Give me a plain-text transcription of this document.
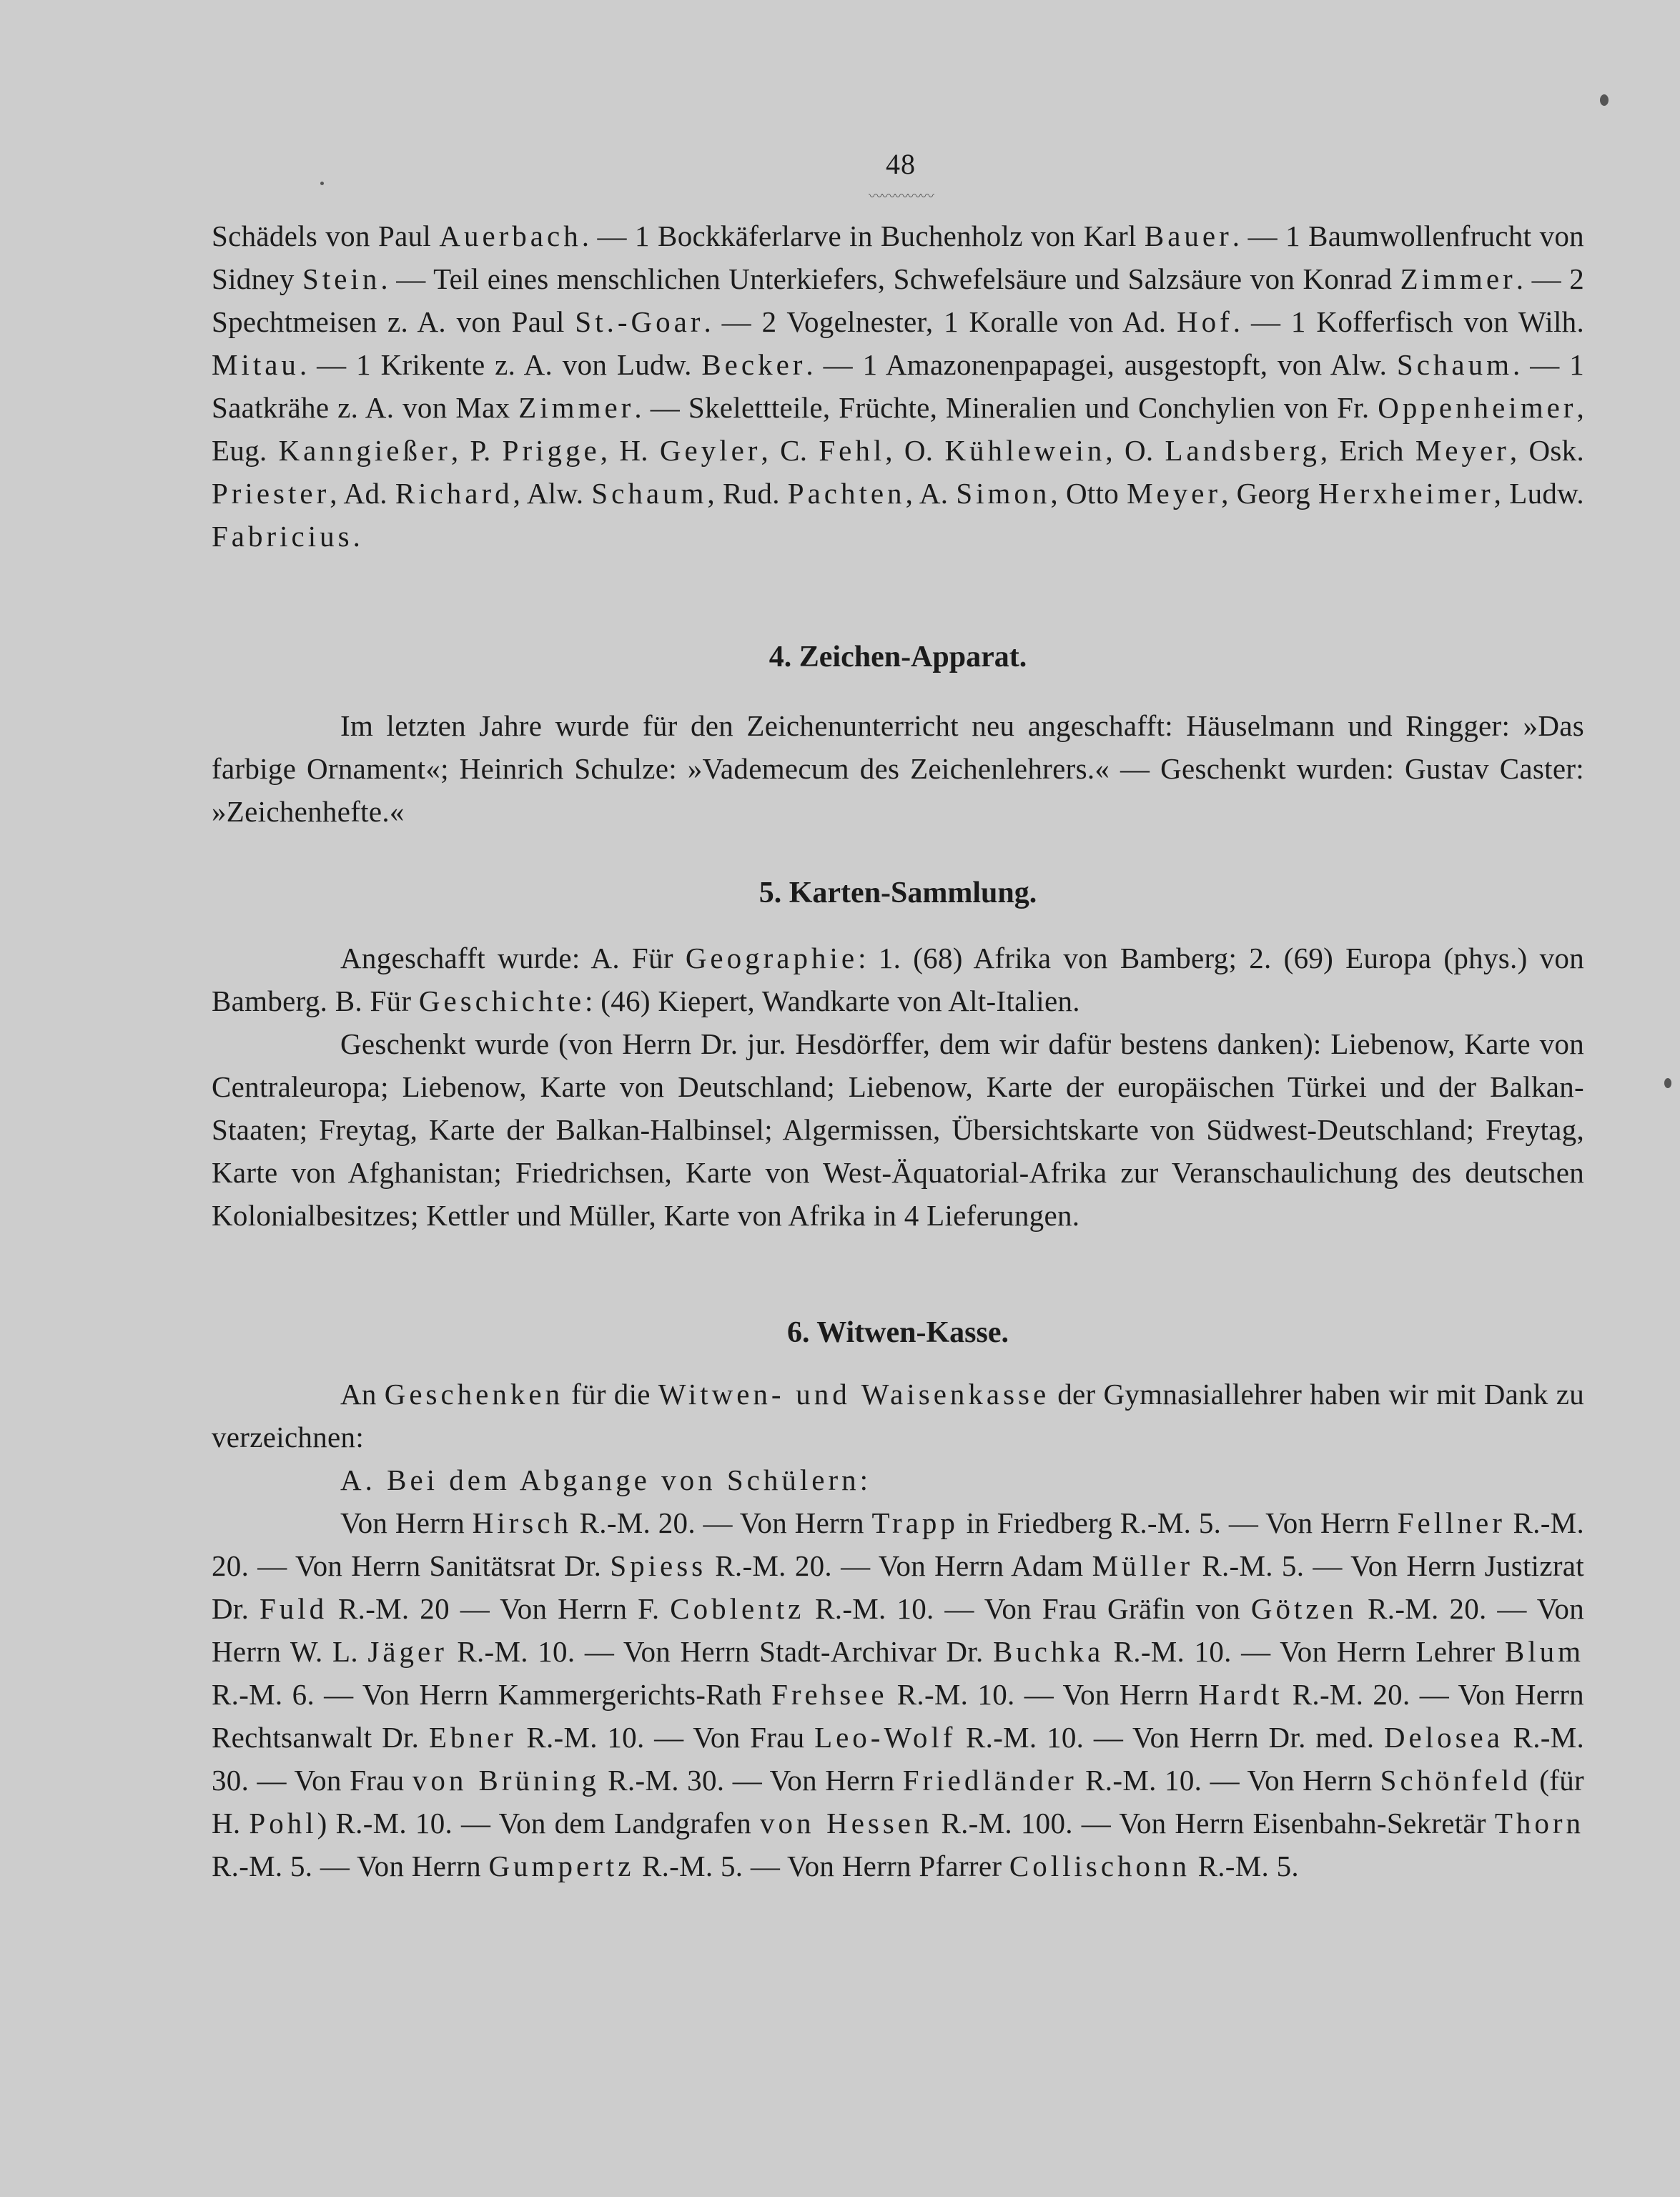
48
〰〰〰〰〰

Schädels von Paul Auerbach. — 1 Bockkäferlarve in Buchenholz von Karl Bauer. — 1 Baumwollenfrucht von Sidney Stein. — Teil eines menschlichen Unterkiefers, Schwefelsäure und Salzsäure von Konrad Zimmer. — 2 Spechtmeisen z. A. von Paul St.-Goar. — 2 Vogelnester, 1 Koralle von Ad. Hof. — 1 Kofferfisch von Wilh. Mitau. — 1 Krikente z. A. von Ludw. Becker. — 1 Amazonenpapagei, ausgestopft, von Alw. Schaum. — 1 Saatkrähe z. A. von Max Zimmer. — Skelettteile, Früchte, Mineralien und Conchylien von Fr. Oppenheimer, Eug. Kanngießer, P. Prigge, H. Geyler, C. Fehl, O. Kühlewein, O. Landsberg, Erich Meyer, Osk. Priester, Ad. Richard, Alw. Schaum, Rud. Pachten, A. Simon, Otto Meyer, Georg Herxheimer, Ludw. Fabricius.

4. Zeichen-Apparat.

Im letzten Jahre wurde für den Zeichenunterricht neu angeschafft: Häuselmann und Ringger: »Das farbige Ornament«; Heinrich Schulze: »Vademecum des Zeichenlehrers.« — Geschenkt wurden: Gustav Caster: »Zeichenhefte.«

5. Karten-Sammlung.

Angeschafft wurde: A. Für Geographie: 1. (68) Afrika von Bamberg; 2. (69) Europa (phys.) von Bamberg. B. Für Geschichte: (46) Kiepert, Wandkarte von Alt-Italien.

Geschenkt wurde (von Herrn Dr. jur. Hesdörffer, dem wir dafür bestens danken): Liebenow, Karte von Centraleuropa; Liebenow, Karte von Deutschland; Liebenow, Karte der europäischen Türkei und der Balkan-Staaten; Freytag, Karte der Balkan-Halbinsel; Algermissen, Übersichtskarte von Südwest-Deutschland; Freytag, Karte von Afghanistan; Friedrichsen, Karte von West-Äquatorial-Afrika zur Veranschaulichung des deutschen Kolonialbesitzes; Kettler und Müller, Karte von Afrika in 4 Lieferungen.

6. Witwen-Kasse.

An Geschenken für die Witwen- und Waisenkasse der Gymnasiallehrer haben wir mit Dank zu verzeichnen:

A. Bei dem Abgange von Schülern:

Von Herrn Hirsch R.-M. 20. — Von Herrn Trapp in Friedberg R.-M. 5. — Von Herrn Fellner R.-M. 20. — Von Herrn Sanitätsrat Dr. Spiess R.-M. 20. — Von Herrn Adam Müller R.-M. 5. — Von Herrn Justizrat Dr. Fuld R.-M. 20 — Von Herrn F. Coblentz R.-M. 10. — Von Frau Gräfin von Götzen R.-M. 20. — Von Herrn W. L. Jäger R.-M. 10. — Von Herrn Stadt-Archivar Dr. Buchka R.-M. 10. — Von Herrn Lehrer Blum R.-M. 6. — Von Herrn Kammergerichts-Rath Frehsee R.-M. 10. — Von Herrn Hardt R.-M. 20. — Von Herrn Rechtsanwalt Dr. Ebner R.-M. 10. — Von Frau Leo-Wolf R.-M. 10. — Von Herrn Dr. med. Delosea R.-M. 30. — Von Frau von Brüning R.-M. 30. — Von Herrn Friedländer R.-M. 10. — Von Herrn Schönfeld (für H. Pohl) R.-M. 10. — Von dem Landgrafen von Hessen R.-M. 100. — Von Herrn Eisenbahn-Sekretär Thorn R.-M. 5. — Von Herrn Gumpertz R.-M. 5. — Von Herrn Pfarrer Collischonn R.-M. 5.
